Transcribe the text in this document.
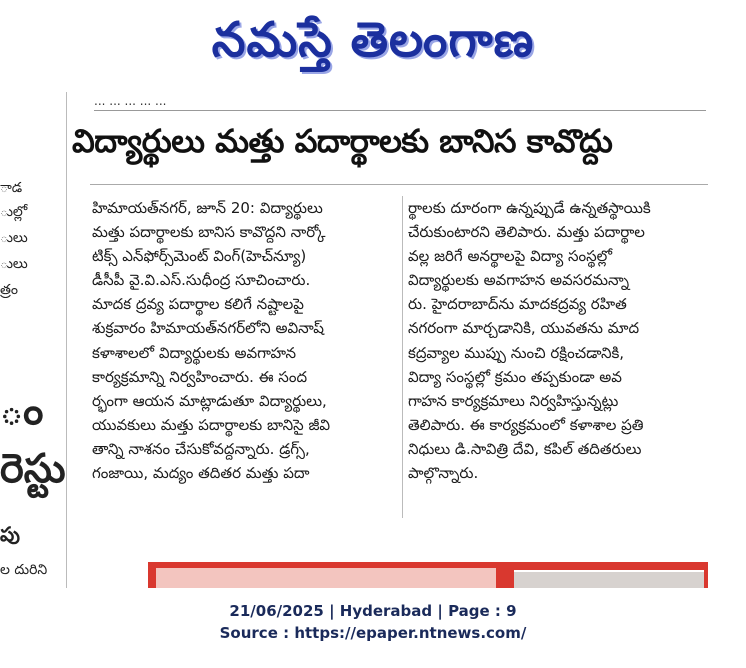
నమస్తే తెలంగాణ
ాడ
ుల్లో
ులు
ులు
త్రం
ం
రెస్టు
పు
ల దురిని
... ... ... ... ...
విద్యార్థులు మత్తు పదార్థాలకు బానిస కావొద్దు
హిమాయత్‌నగర్, జూన్ 20: విద్యార్థులు
మత్తు పదార్థాలకు బానిస కావొద్దని నార్కో
టిక్స్ ఎన్‌ఫోర్స్‌మెంట్ వింగ్(హెచ్‌న్యూ)
డీసీపీ వై.వి.ఎస్.సుధీంద్ర సూచించారు.
మాదక ద్రవ్య పదార్థాల కలిగే నష్టాలపై
శుక్రవారం హిమాయత్‌నగర్‌లోని అవినాష్
కళాశాలలో విద్యార్థులకు అవగాహన
కార్యక్రమాన్ని నిర్వహించారు. ఈ సంద
ర్భంగా ఆయన మాట్లాడుతూ విద్యార్థులు,
యువకులు మత్తు పదార్థాలకు బానిసై జీవి
తాన్ని నాశనం చేసుకోవద్దన్నారు. డ్రగ్స్,
గంజాయి, మద్యం తదితర మత్తు పదా
ర్థాలకు దూరంగా ఉన్నప్పుడే ఉన్నతస్థాయికి
చేరుకుంటారని తెలిపారు. మత్తు పదార్థాల
వల్ల జరిగే అనర్థాలపై విద్యా సంస్థల్లో
విద్యార్థులకు అవగాహన అవసరమన్నా
రు. హైదరాబాద్‌ను మాదకద్రవ్య రహిత
నగరంగా మార్చడానికి, యువతను మాద
కద్రవ్యాల ముప్పు నుంచి రక్షించడానికి,
విద్యా సంస్థల్లో క్రమం తప్పకుండా అవ
గాహన కార్యక్రమాలు నిర్వహిస్తున్నట్లు
తెలిపారు. ఈ కార్యక్రమంలో కళాశాల ప్రతి
నిధులు డి.సావిత్రి దేవి, కపిల్ తదితరులు
పాల్గొన్నారు.
21/06/2025 | Hyderabad | Page : 9
Source : https://epaper.ntnews.com/
